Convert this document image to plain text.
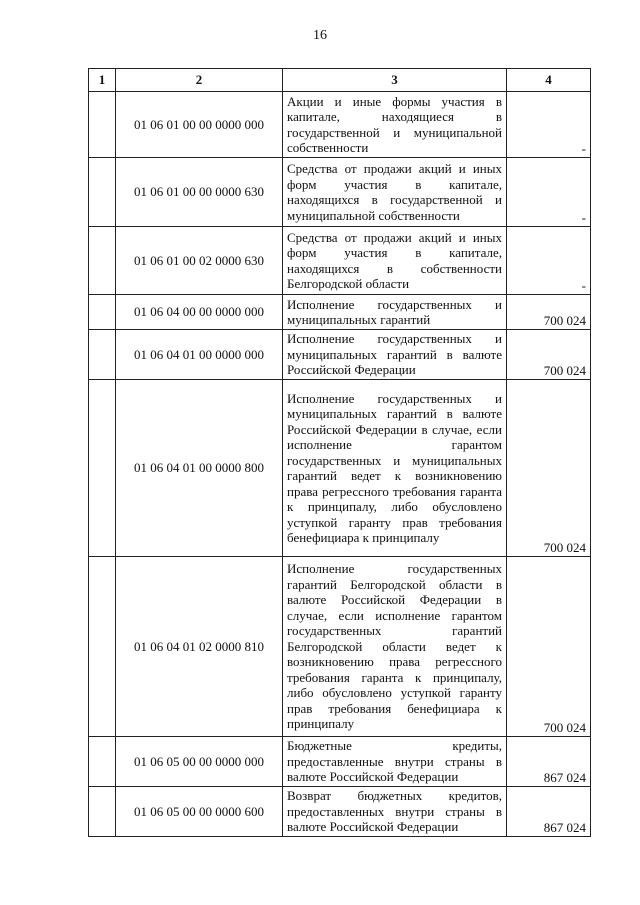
16
1	2	3	4
	01 06 01 00 00 0000 000	Акции и иные формы участия в капитале, находящиеся в государственной и муниципальной собственности	-
	01 06 01 00 00 0000 630	Средства от продажи акций и иных форм участия в капитале, находящихся в государственной и муниципальной собственности	-
	01 06 01 00 02 0000 630	Средства от продажи акций и иных форм участия в капитале, находящихся в собственности Белгородской области	-
	01 06 04 00 00 0000 000	Исполнение государственных и муниципальных гарантий	700 024
	01 06 04 01 00 0000 000	Исполнение государственных и муниципальных гарантий в валюте Российской Федерации	700 024
	01 06 04 01 00 0000 800	Исполнение государственных и муниципальных гарантий в валюте Российской Федерации в случае, если исполнение гарантом государственных и муниципальных гарантий ведет к возникновению права регрессного требования гаранта к принципалу, либо обусловлено уступкой гаранту прав требования бенефициара к принципалу	700 024
	01 06 04 01 02 0000 810	Исполнение государственных гарантий Белгородской области в валюте Российской Федерации в случае, если исполнение гарантом государственных гарантий Белгородской области ведет к возникновению права регрессного требования гаранта к принципалу, либо обусловлено уступкой гаранту прав требования бенефициара к принципалу	700 024
	01 06 05 00 00 0000 000	Бюджетные кредиты, предоставленные внутри страны в валюте Российской Федерации	867 024
	01 06 05 00 00 0000 600	Возврат бюджетных кредитов, предоставленных внутри страны в валюте Российской Федерации	867 024
